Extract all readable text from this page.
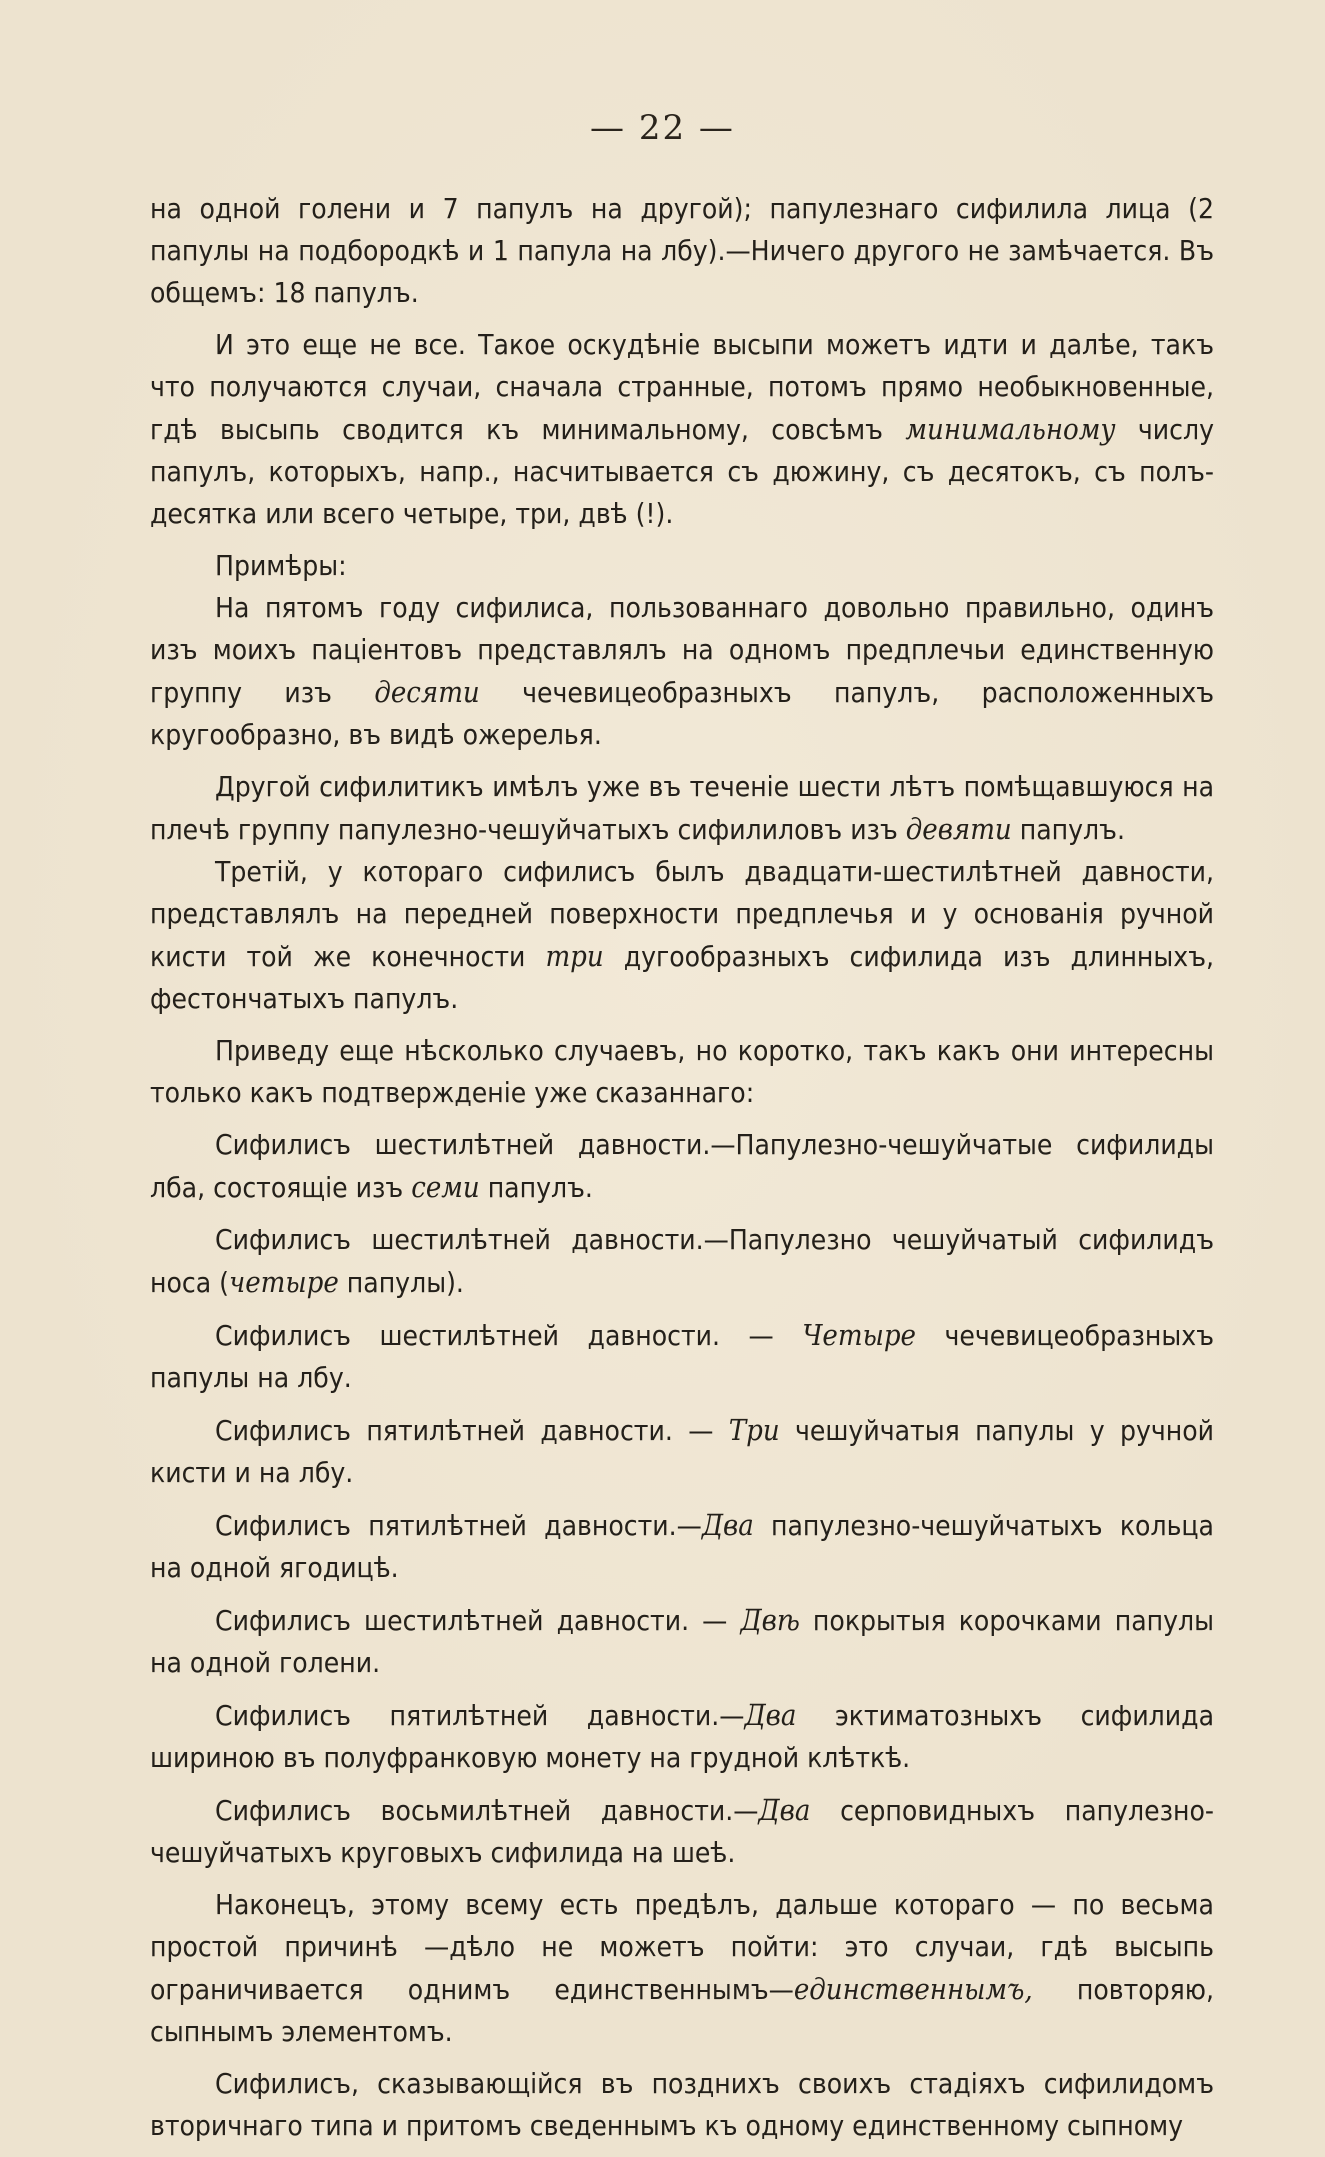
— 22 —

на одной голени и 7 папулъ на другой); папулезнаго сифилила лица (2 папулы на подбородкѣ и 1 папула на лбу).—Ничего другого не замѣчается. Въ общемъ: 18 папулъ.

И это еще не все. Такое оскудѣніе высыпи можетъ идти и далѣе, такъ что получаются случаи, сначала странные, потомъ прямо необыкновенные, гдѣ высыпь сводится къ минимальному, совсѣмъ минимальному числу папулъ, которыхъ, напр., насчитывается съ дюжину, съ десятокъ, съ полъ-десятка или всего четыре, три, двѣ (!).

Примѣры:

На пятомъ году сифилиса, пользованнаго довольно правильно, одинъ изъ моихъ паціентовъ представлялъ на одномъ предплечьи единственную группу изъ десяти чечевицеобразныхъ папулъ, расположенныхъ кругообразно, въ видѣ ожерелья.

Другой сифилитикъ имѣлъ уже въ теченіе шести лѣтъ помѣщавшуюся на плечѣ группу папулезно-чешуйчатыхъ сифилиловъ изъ девяти папулъ.

Третій, у котораго сифилисъ былъ двадцати-шестилѣтней давности, представлялъ на передней поверхности предплечья и у основанія ручной кисти той же конечности три дугообразныхъ сифилида изъ длинныхъ, фестончатыхъ папулъ.

Приведу еще нѣсколько случаевъ, но коротко, такъ какъ они интересны только какъ подтвержденіе уже сказаннаго:

Сифилисъ шестилѣтней давности.—Папулезно-чешуйчатые сифилиды лба, состоящіе изъ семи папулъ.

Сифилисъ шестилѣтней давности.—Папулезно чешуйчатый сифилидъ носа (четыре папулы).

Сифилисъ шестилѣтней давности. — Четыре чечевицеобразныхъ папулы на лбу.

Сифилисъ пятилѣтней давности. — Три чешуйчатыя папулы у ручной кисти и на лбу.

Сифилисъ пятилѣтней давности.—Два папулезно-чешуйчатыхъ кольца на одной ягодицѣ.

Сифилисъ шестилѣтней давности. — Двѣ покрытыя корочками папулы на одной голени.

Сифилисъ пятилѣтней давности.—Два эктиматозныхъ сифилида шириною въ полуфранковую монету на грудной клѣткѣ.

Сифилисъ восьмилѣтней давности.—Два серповидныхъ папулезно-чешуйчатыхъ круговыхъ сифилида на шеѣ.

Наконецъ, этому всему есть предѣлъ, дальше котораго — по весьма простой причинѣ —дѣло не можетъ пойти: это случаи, гдѣ высыпь ограничивается однимъ единственнымъ—единственнымъ, повторяю, сыпнымъ элементомъ.

Сифилисъ, сказывающійся въ позднихъ своихъ стадіяхъ сифилидомъ вторичнаго типа и притомъ сведеннымъ къ одному единственному сыпному
